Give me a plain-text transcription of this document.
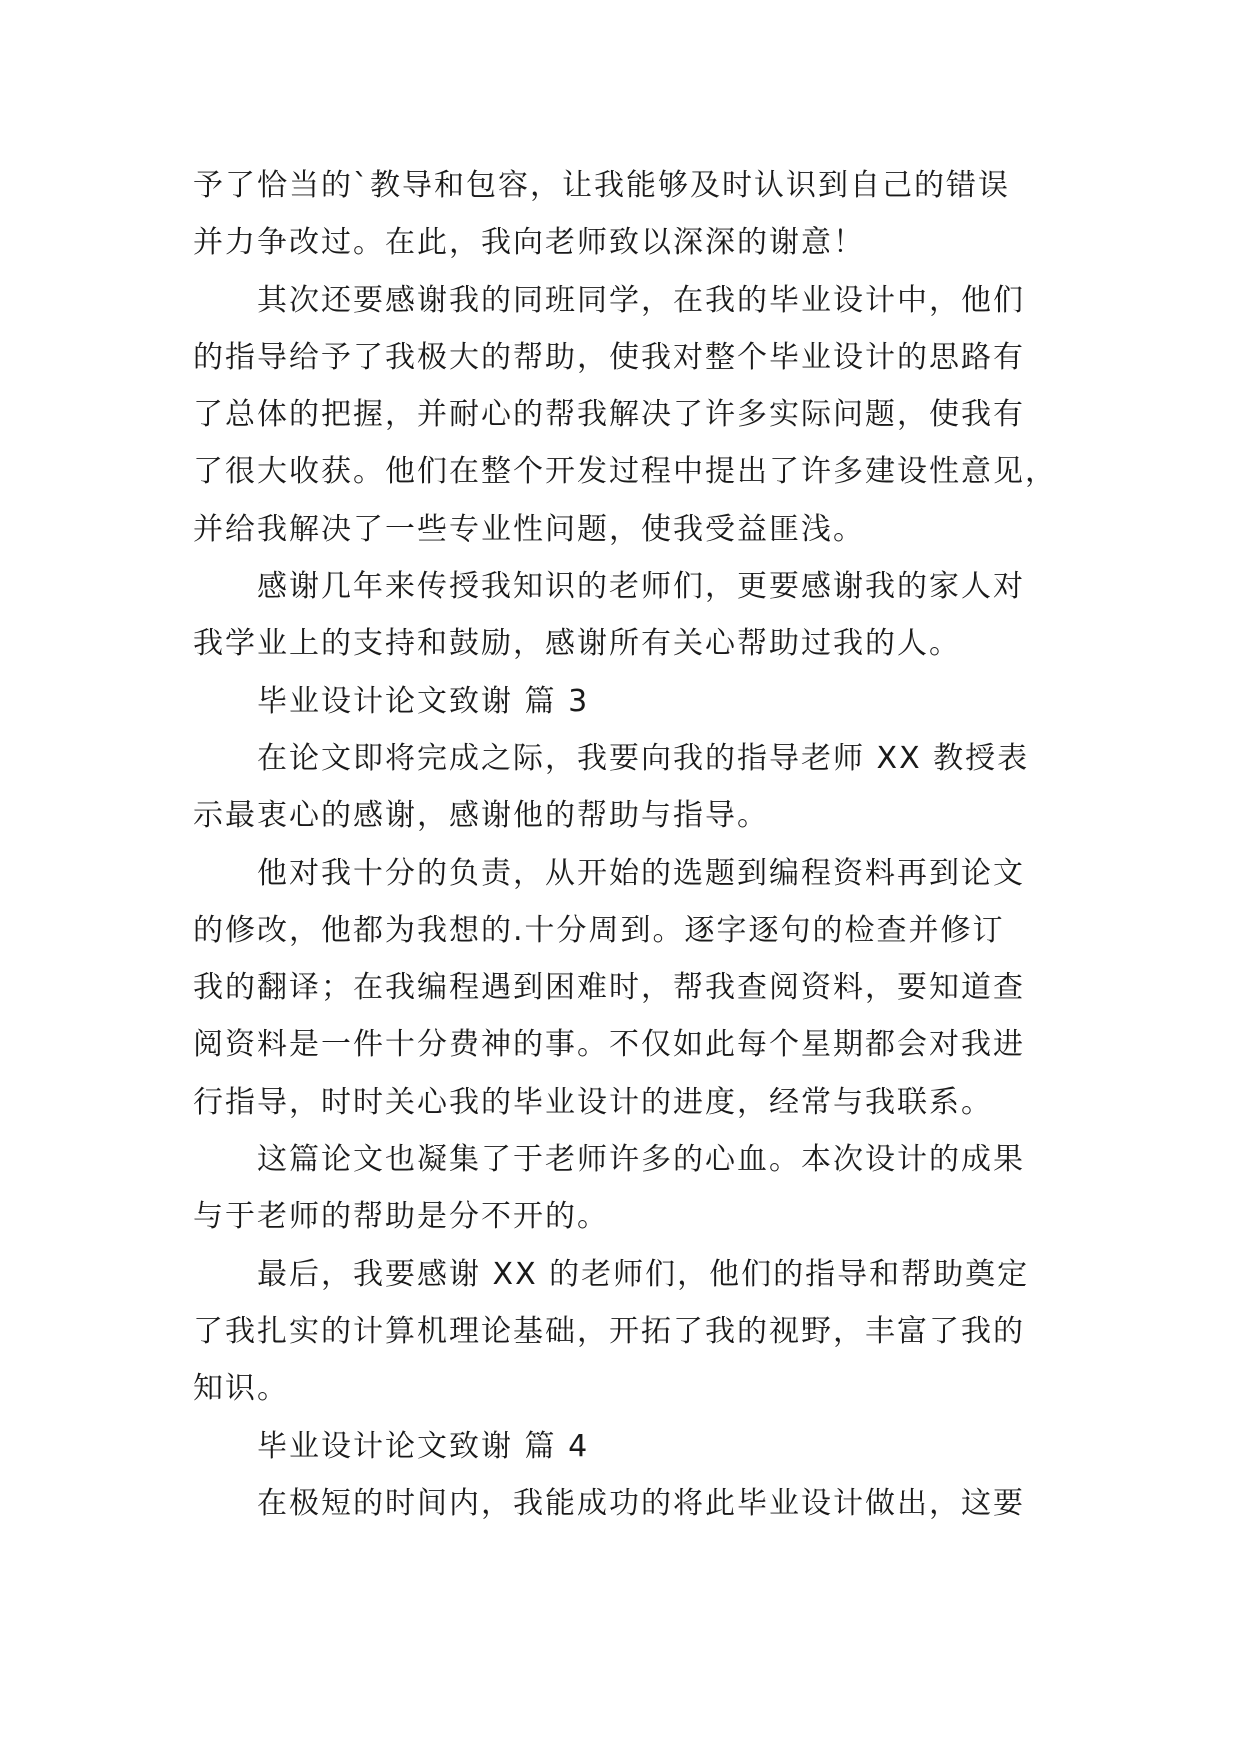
予了恰当的`教导和包容，让我能够及时认识到自己的错误
并力争改过。在此，我向老师致以深深的谢意！
其次还要感谢我的同班同学，在我的毕业设计中，他们
的指导给予了我极大的帮助，使我对整个毕业设计的思路有
了总体的把握，并耐心的帮我解决了许多实际问题，使我有
了很大收获。他们在整个开发过程中提出了许多建设性意见，
并给我解决了一些专业性问题，使我受益匪浅。
感谢几年来传授我知识的老师们，更要感谢我的家人对
我学业上的支持和鼓励，感谢所有关心帮助过我的人。
毕业设计论文致谢 篇 3
在论文即将完成之际，我要向我的指导老师 XX 教授表
示最衷心的感谢，感谢他的帮助与指导。
他对我十分的负责，从开始的选题到编程资料再到论文
的修改，他都为我想的.十分周到。逐字逐句的检查并修订
我的翻译；在我编程遇到困难时，帮我查阅资料，要知道查
阅资料是一件十分费神的事。不仅如此每个星期都会对我进
行指导，时时关心我的毕业设计的进度，经常与我联系。
这篇论文也凝集了于老师许多的心血。本次设计的成果
与于老师的帮助是分不开的。
最后，我要感谢 XX 的老师们，他们的指导和帮助奠定
了我扎实的计算机理论基础，开拓了我的视野，丰富了我的
知识。
毕业设计论文致谢 篇 4
在极短的时间内，我能成功的将此毕业设计做出，这要
